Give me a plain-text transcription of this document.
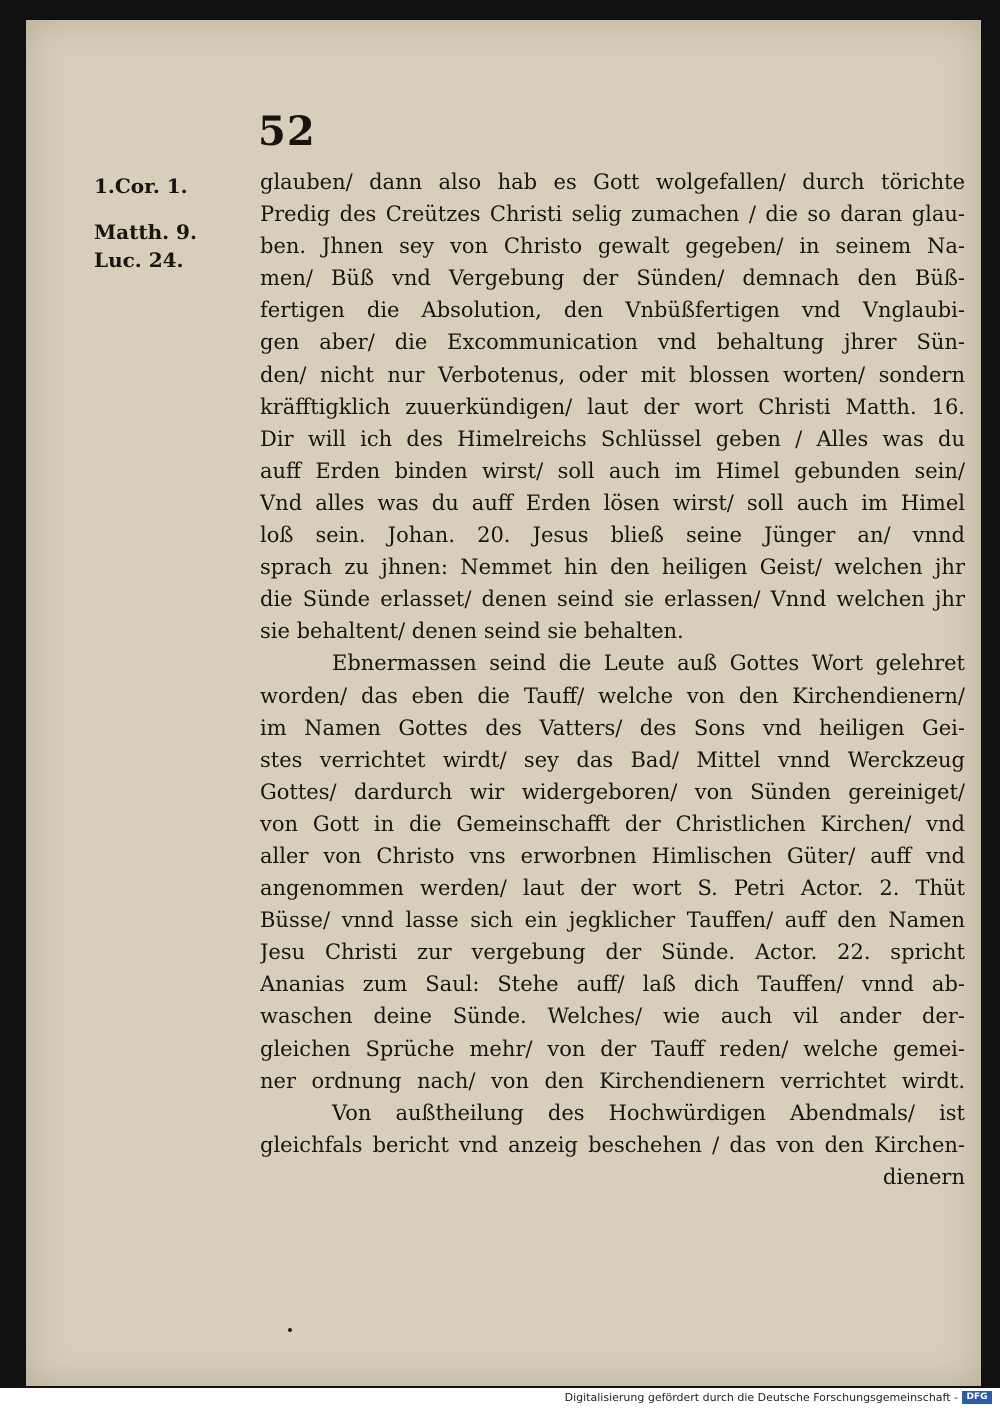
52
1.Cor. 1.
Matth. 9.
Luc. 24.
glauben/ dann also hab es Gott wolgefallen/ durch törichte
Predig des Creützes Christi selig zumachen / die so daran glau-
ben. Jhnen sey von Christo gewalt gegeben/ in seinem Na-
men/ Büß vnd Vergebung der Sünden/ demnach den Büß-
fertigen die Absolution, den Vnbüßfertigen vnd Vnglaubi-
gen aber/ die Excommunication vnd behaltung jhrer Sün-
den/ nicht nur Verbotenus, oder mit blossen worten/ sondern
kräfftigklich zuuerkündigen/ laut der wort Christi Matth. 16.
Dir will ich des Himelreichs Schlüssel geben / Alles was du
auff Erden binden wirst/ soll auch im Himel gebunden sein/
Vnd alles was du auff Erden lösen wirst/ soll auch im Himel
loß sein. Johan. 20. Jesus bließ seine Jünger an/ vnnd
sprach zu jhnen: Nemmet hin den heiligen Geist/ welchen jhr
die Sünde erlasset/ denen seind sie erlassen/ Vnnd welchen jhr
sie behaltent/ denen seind sie behalten.
Ebnermassen seind die Leute auß Gottes Wort gelehret
worden/ das eben die Tauff/ welche von den Kirchendienern/
im Namen Gottes des Vatters/ des Sons vnd heiligen Gei-
stes verrichtet wirdt/ sey das Bad/ Mittel vnnd Werckzeug
Gottes/ dardurch wir widergeboren/ von Sünden gereiniget/
von Gott in die Gemeinschafft der Christlichen Kirchen/ vnd
aller von Christo vns erworbnen Himlischen Güter/ auff vnd
angenommen werden/ laut der wort S. Petri Actor. 2. Thüt
Büsse/ vnnd lasse sich ein jegklicher Tauffen/ auff den Namen
Jesu Christi zur vergebung der Sünde. Actor. 22. spricht
Ananias zum Saul: Stehe auff/ laß dich Tauffen/ vnnd ab-
waschen deine Sünde. Welches/ wie auch vil ander der-
gleichen Sprüche mehr/ von der Tauff reden/ welche gemei-
ner ordnung nach/ von den Kirchendienern verrichtet wirdt.
Von außtheilung des Hochwürdigen Abendmals/ ist
gleichfals bericht vnd anzeig beschehen / das von den Kirchen-
dienern
Digitalisierung gefördert durch die Deutsche Forschungsgemeinschaft - DFG
